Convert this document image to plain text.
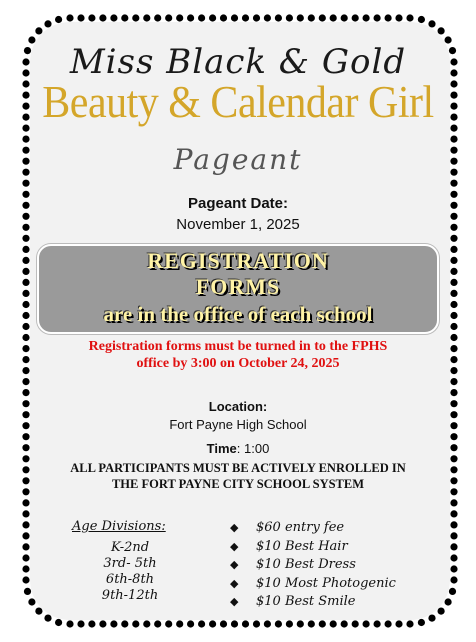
Miss Black & Gold
Beauty & Calendar Girl
Pageant
Pageant Date:
November 1, 2025
REGISTRATION
FORMS
are in the office of each school
Registration forms must be turned in to the FPHS
office by 3:00 on October 24, 2025
Location:
Fort Payne High School
Time: 1:00
ALL PARTICIPANTS MUST BE ACTIVELY ENROLLED IN
THE FORT PAYNE CITY SCHOOL SYSTEM
Age Divisions:
K-2nd
3rd- 5th
6th-8th
9th-12th
◆ $60 entry fee
◆ $10 Best Hair
◆ $10 Best Dress
◆ $10 Most Photogenic
◆ $10 Best Smile
